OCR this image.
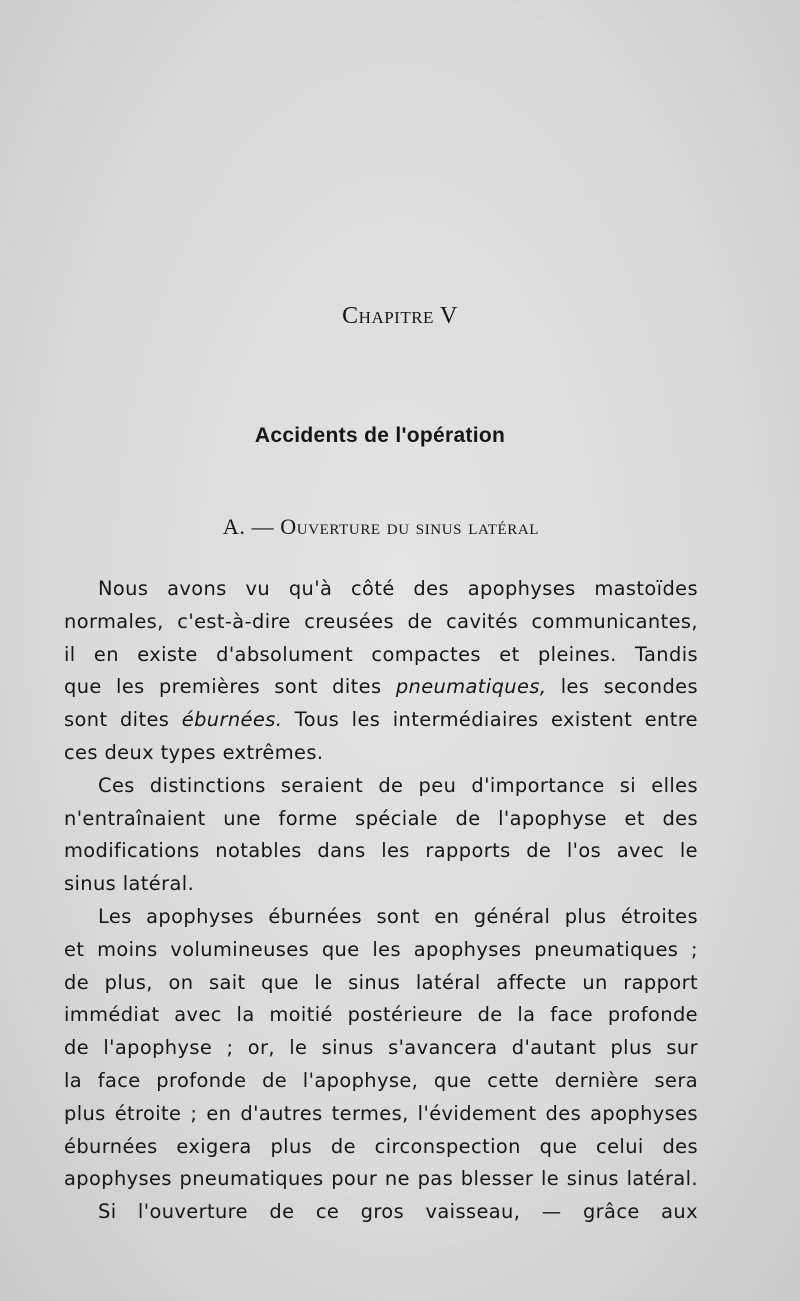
Chapitre V
Accidents de l'opération
A. — Ouverture du sinus latéral
Nous avons vu qu'à côté des apophyses mastoïdes
normales, c'est-à-dire creusées de cavités communicantes,
il en existe d'absolument compactes et pleines. Tandis
que les premières sont dites pneumatiques, les secondes
sont dites éburnées. Tous les intermédiaires existent entre
ces deux types extrêmes.
Ces distinctions seraient de peu d'importance si elles
n'entraînaient une forme spéciale de l'apophyse et des
modifications notables dans les rapports de l'os avec le
sinus latéral.
Les apophyses éburnées sont en général plus étroites
et moins volumineuses que les apophyses pneumatiques ;
de plus, on sait que le sinus latéral affecte un rapport
immédiat avec la moitié postérieure de la face profonde
de l'apophyse ; or, le sinus s'avancera d'autant plus sur
la face profonde de l'apophyse, que cette dernière sera
plus étroite ; en d'autres termes, l'évidement des apophyses
éburnées exigera plus de circonspection que celui des
apophyses pneumatiques pour ne pas blesser le sinus latéral.
Si l'ouverture de ce gros vaisseau, — grâce aux
